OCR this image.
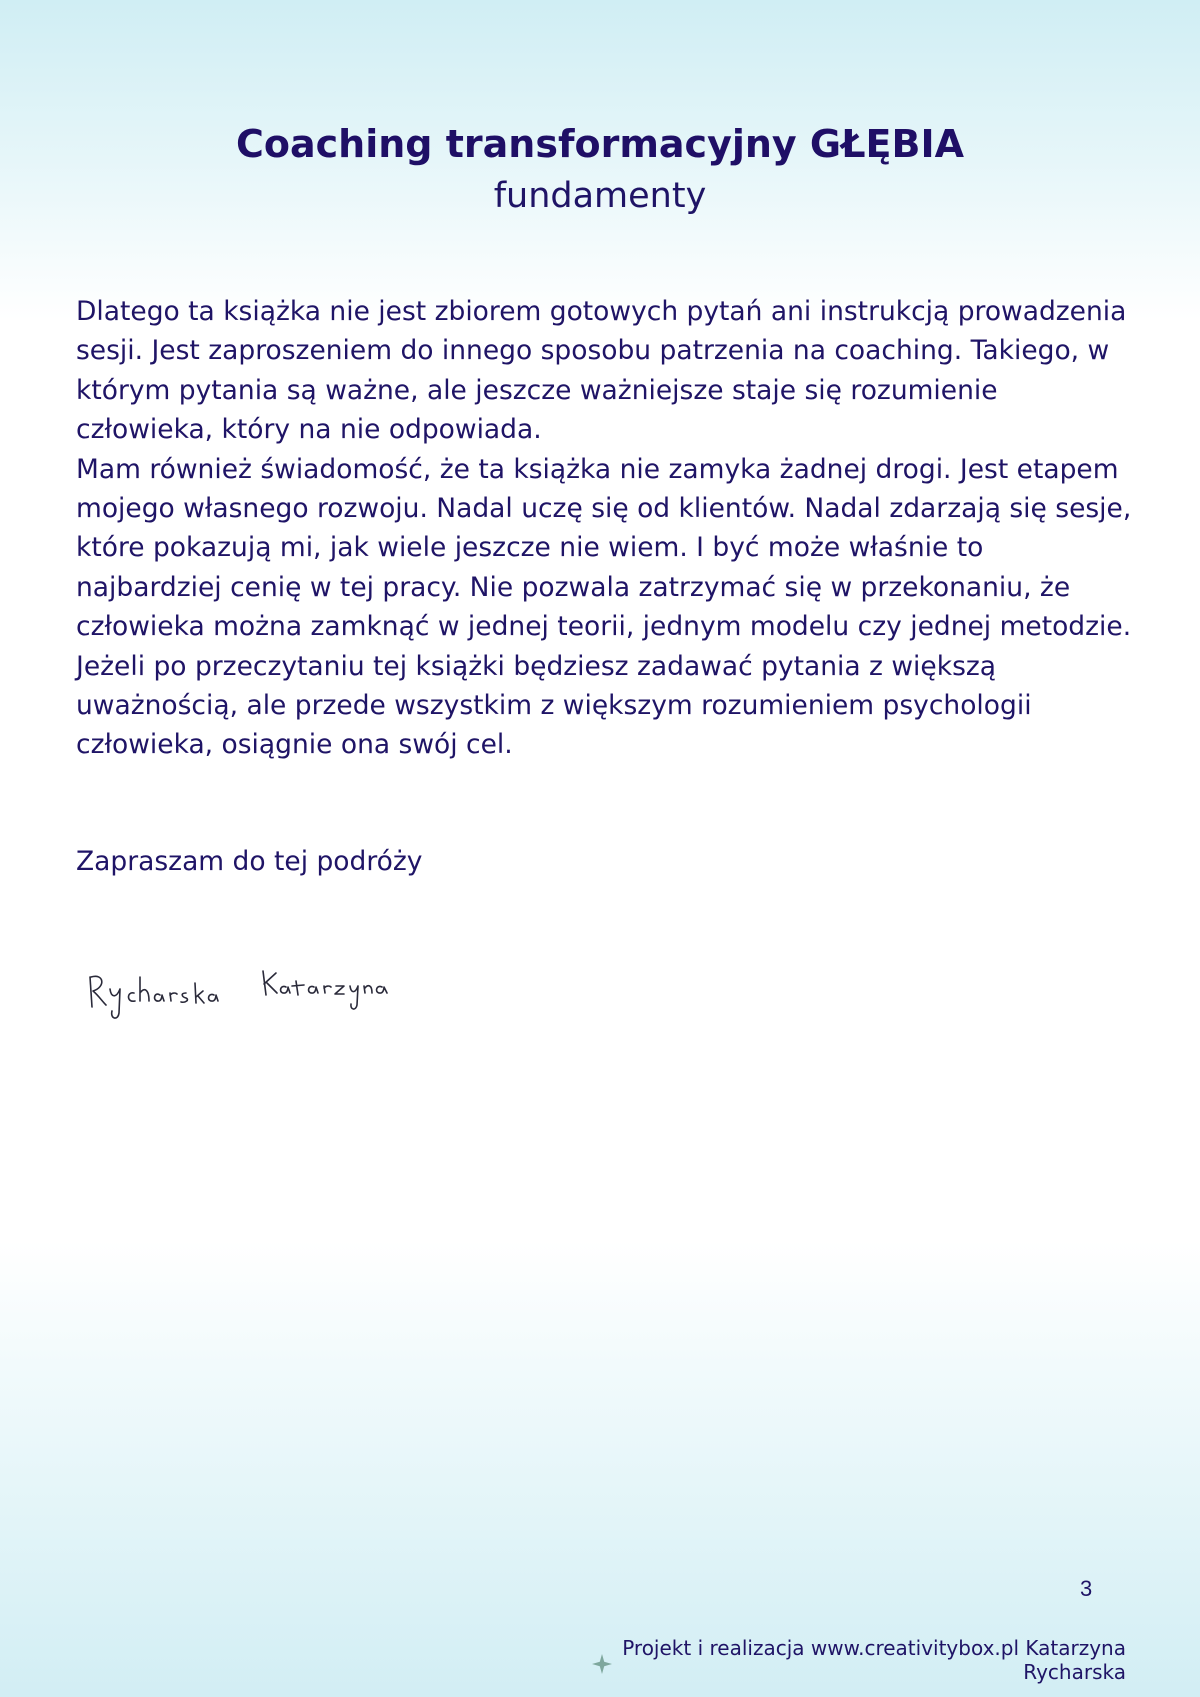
Coaching transformacyjny GŁĘBIA
fundamenty

Dlatego ta książka nie jest zbiorem gotowych pytań ani instrukcją prowadzenia sesji. Jest zaproszeniem do innego sposobu patrzenia na coaching. Takiego, w którym pytania są ważne, ale jeszcze ważniejsze staje się rozumienie człowieka, który na nie odpowiada.

Mam również świadomość, że ta książka nie zamyka żadnej drogi. Jest etapem mojego własnego rozwoju. Nadal uczę się od klientów. Nadal zdarzają się sesje, które pokazują mi, jak wiele jeszcze nie wiem. I być może właśnie to najbardziej cenię w tej pracy. Nie pozwala zatrzymać się w przekonaniu, że człowieka można zamknąć w jednej teorii, jednym modelu czy jednej metodzie.

Jeżeli po przeczytaniu tej książki będziesz zadawać pytania z większą uważnością, ale przede wszystkim z większym rozumieniem psychologii człowieka, osiągnie ona swój cel.

Zapraszam do tej podróży

3
Projekt i realizacja www.creativitybox.pl Katarzyna Rycharska
